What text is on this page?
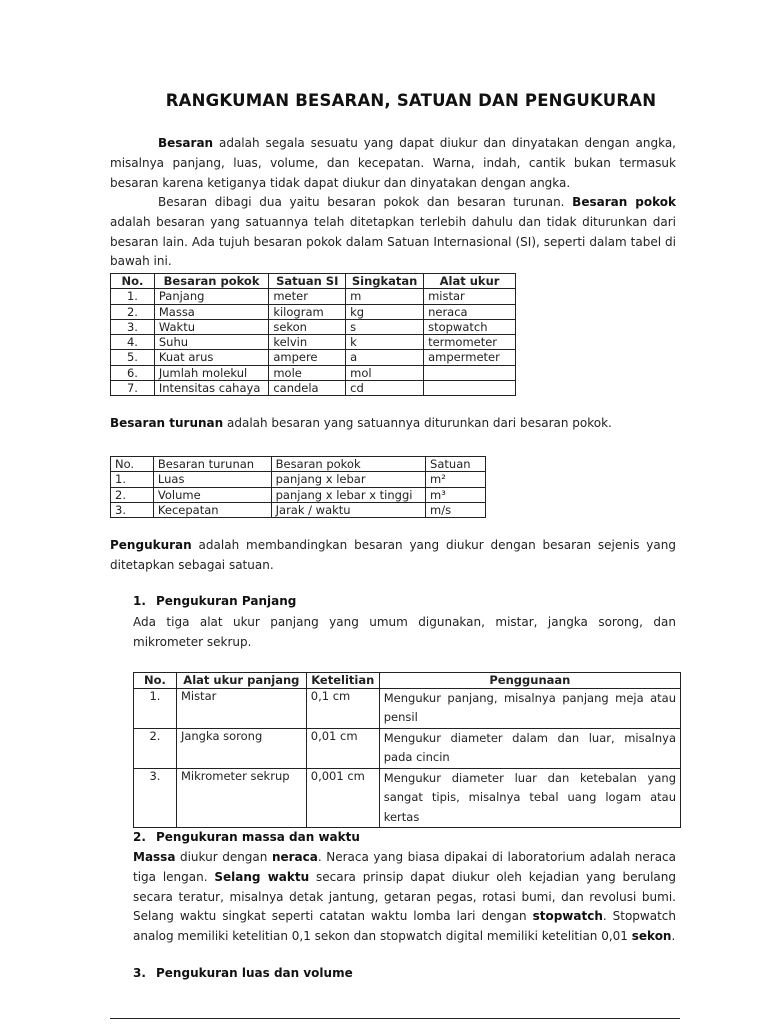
RANGKUMAN BESARAN, SATUAN DAN PENGUKURAN
Besaran adalah segala sesuatu yang dapat diukur dan dinyatakan dengan angka, misalnya panjang, luas, volume, dan kecepatan. Warna, indah, cantik bukan termasuk besaran karena ketiganya tidak dapat diukur dan dinyatakan dengan angka.
Besaran dibagi dua yaitu besaran pokok dan besaran turunan. Besaran pokok adalah besaran yang satuannya telah ditetapkan terlebih dahulu dan tidak diturunkan dari besaran lain. Ada tujuh besaran pokok dalam Satuan Internasional (SI), seperti dalam tabel di bawah ini.
No.	Besaran pokok	Satuan SI	Singkatan	Alat ukur
1.	Panjang	meter	m	mistar
2.	Massa	kilogram	kg	neraca
3.	Waktu	sekon	s	stopwatch
4.	Suhu	kelvin	k	termometer
5.	Kuat arus	ampere	a	ampermeter
6.	Jumlah molekul	mole	mol	
7.	Intensitas cahaya	candela	cd	
Besaran turunan adalah besaran yang satuannya diturunkan dari besaran pokok.
No.	Besaran turunan	Besaran pokok	Satuan
1.	Luas	panjang x lebar	m²
2.	Volume	panjang x lebar x tinggi	m³
3.	Kecepatan	Jarak / waktu	m/s
Pengukuran adalah membandingkan besaran yang diukur dengan besaran sejenis yang ditetapkan sebagai satuan.
1. Pengukuran Panjang
Ada tiga alat ukur panjang yang umum digunakan, mistar, jangka sorong, dan mikrometer sekrup.
No.	Alat ukur panjang	Ketelitian	Penggunaan
1.	Mistar	0,1 cm	Mengukur panjang, misalnya panjang meja atau pensil
2.	Jangka sorong	0,01 cm	Mengukur diameter dalam dan luar, misalnya pada cincin
3.	Mikrometer sekrup	0,001 cm	Mengukur diameter luar dan ketebalan yang sangat tipis, misalnya tebal uang logam atau kertas
2. Pengukuran massa dan waktu
Massa diukur dengan neraca. Neraca yang biasa dipakai di laboratorium adalah neraca tiga lengan. Selang waktu secara prinsip dapat diukur oleh kejadian yang berulang secara teratur, misalnya detak jantung, getaran pegas, rotasi bumi, dan revolusi bumi. Selang waktu singkat seperti catatan waktu lomba lari dengan stopwatch. Stopwatch analog memiliki ketelitian 0,1 sekon dan stopwatch digital memiliki ketelitian 0,01 sekon.
3. Pengukuran luas dan volume
